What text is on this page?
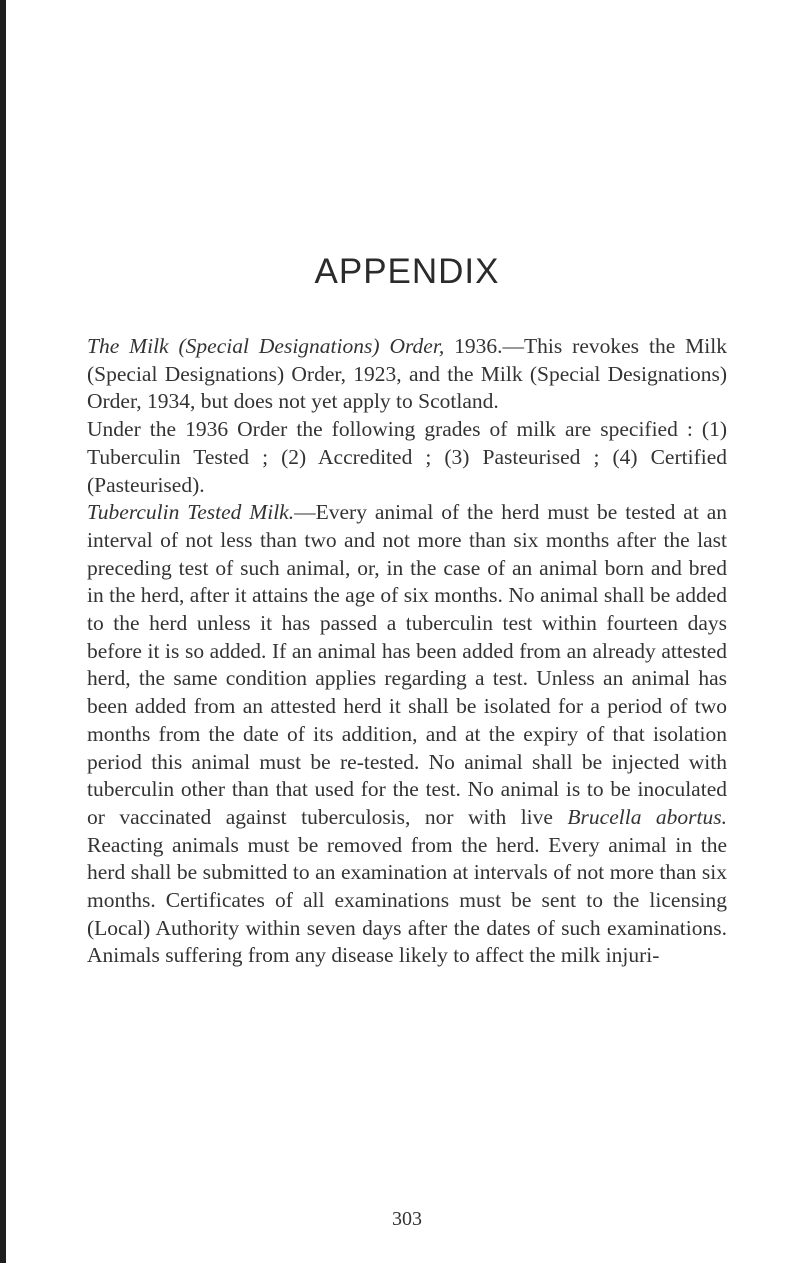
APPENDIX

The Milk (Special Designations) Order, 1936.—This revokes the Milk (Special Designations) Order, 1923, and the Milk (Special Designations) Order, 1934, but does not yet apply to Scotland.

Under the 1936 Order the following grades of milk are specified : (1) Tuberculin Tested ; (2) Accredited ; (3) Pasteurised ; (4) Certified (Pasteurised).

Tuberculin Tested Milk.—Every animal of the herd must be tested at an interval of not less than two and not more than six months after the last preceding test of such animal, or, in the case of an animal born and bred in the herd, after it attains the age of six months. No animal shall be added to the herd unless it has passed a tuberculin test within fourteen days before it is so added. If an animal has been added from an already attested herd, the same condition applies regarding a test. Unless an animal has been added from an attested herd it shall be isolated for a period of two months from the date of its addition, and at the expiry of that isolation period this animal must be re-tested. No animal shall be injected with tuberculin other than that used for the test. No animal is to be inoculated or vaccinated against tuberculosis, nor with live Brucella abortus. Reacting animals must be removed from the herd. Every animal in the herd shall be submitted to an examination at intervals of not more than six months. Certificates of all examinations must be sent to the licensing (Local) Authority within seven days after the dates of such examinations. Animals suffering from any disease likely to affect the milk injuri-

303
